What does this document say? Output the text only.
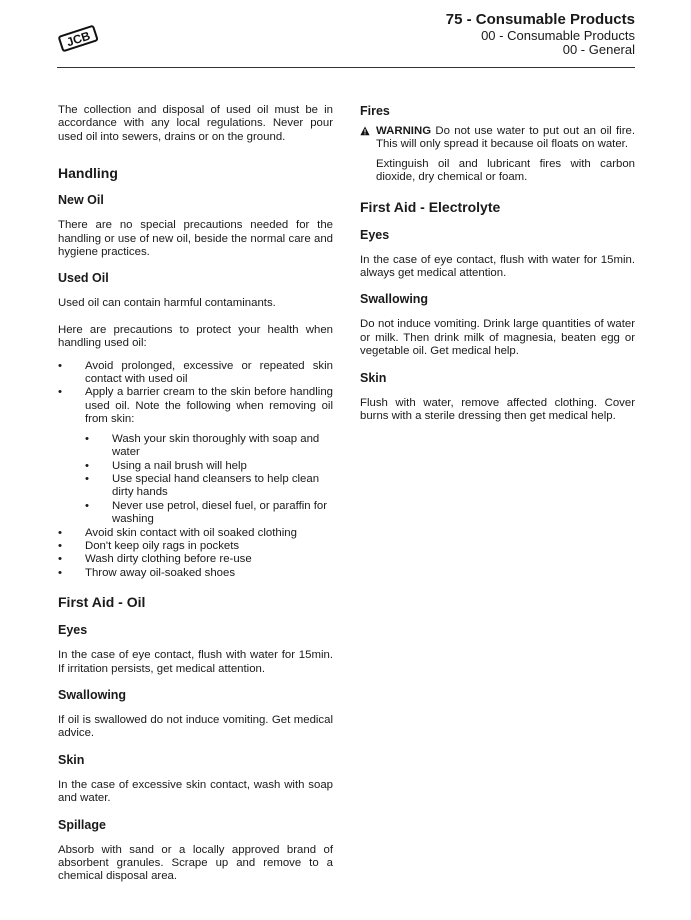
JCB
75 - Consumable Products
00 - Consumable Products
00 - General

The collection and disposal of used oil must be in accordance with any local regulations. Never pour used oil into sewers, drains or on the ground.

Handling
New Oil

There are no special precautions needed for the handling or use of new oil, beside the normal care and hygiene practices.

Used Oil

Used oil can contain harmful contaminants.

Here are precautions to protect your health when handling used oil:

• Avoid prolonged, excessive or repeated skin contact with used oil
• Apply a barrier cream to the skin before handling used oil. Note the following when removing oil from skin:
• Wash your skin thoroughly with soap and water
• Using a nail brush will help
• Use special hand cleansers to help clean dirty hands
• Never use petrol, diesel fuel, or paraffin for washing
• Avoid skin contact with oil soaked clothing
• Don't keep oily rags in pockets
• Wash dirty clothing before re-use
• Throw away oil-soaked shoes
First Aid - Oil
Eyes

In the case of eye contact, flush with water for 15min. If irritation persists, get medical attention.

Swallowing

If oil is swallowed do not induce vomiting. Get medical advice.

Skin

In the case of excessive skin contact, wash with soap and water.

Spillage

Absorb with sand or a locally approved brand of absorbent granules. Scrape up and remove to a chemical disposal area.

Fires
WARNING Do not use water to put out an oil fire. This will only spread it because oil floats on water.

Extinguish oil and lubricant fires with carbon dioxide, dry chemical or foam.

First Aid - Electrolyte
Eyes

In the case of eye contact, flush with water for 15min. always get medical attention.

Swallowing

Do not induce vomiting. Drink large quantities of water or milk. Then drink milk of magnesia, beaten egg or vegetable oil. Get medical help.

Skin

Flush with water, remove affected clothing. Cover burns with a sterile dressing then get medical help.
